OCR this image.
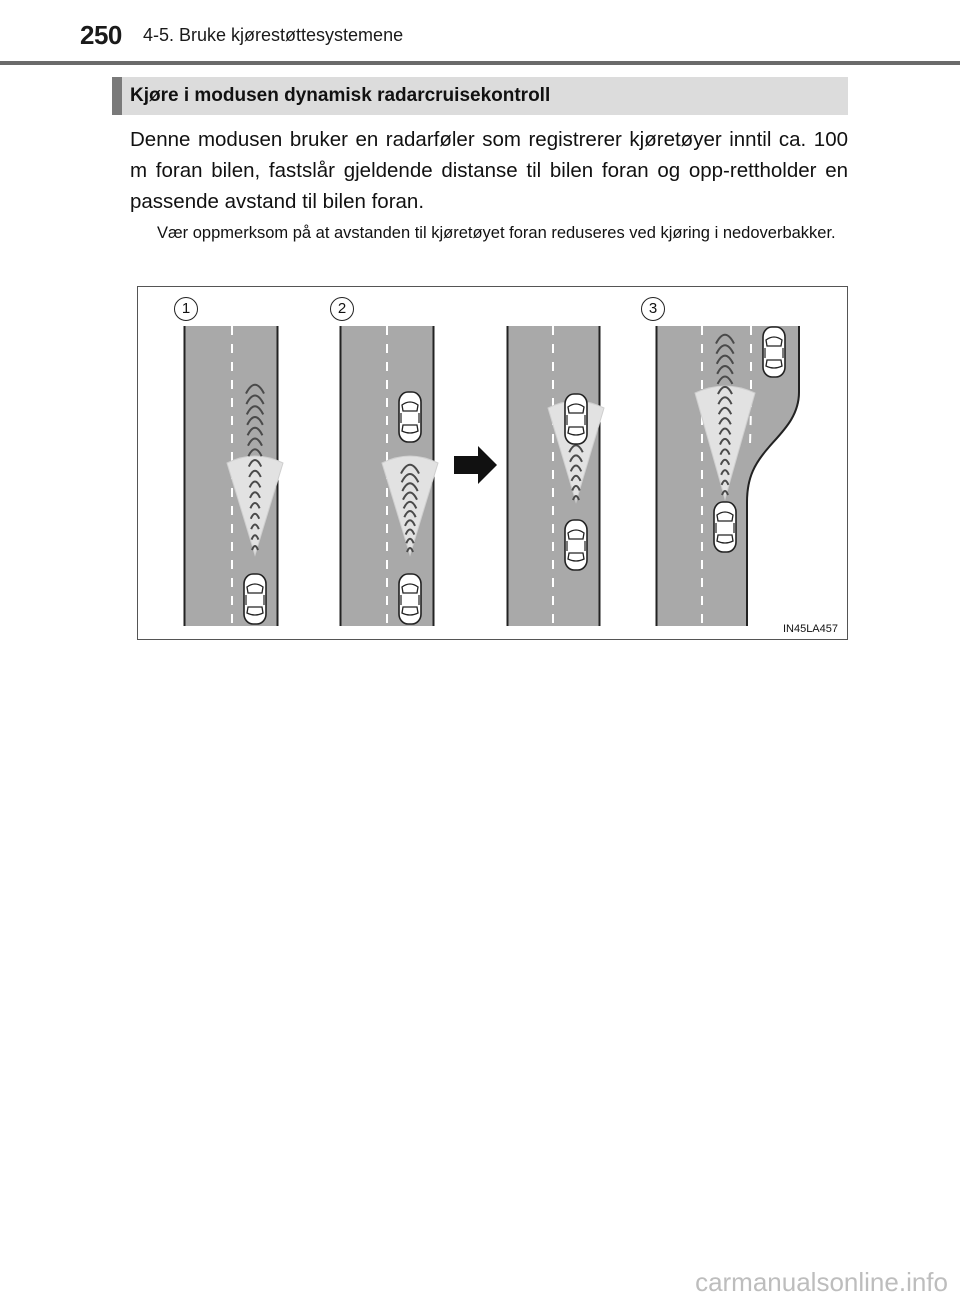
250 4-5. Bruke kjørestøttesystemene
Kjøre i modusen dynamisk radarcruisekontroll

Denne modusen bruker en radarføler som registrerer kjøretøyer inntil ca. 100 m foran bilen, fastslår gjeldende distanse til bilen foran og opp-rettholder en passende avstand til bilen foran.

Vær oppmerksom på at avstanden til kjøretøyet foran reduseres ved kjøring i nedoverbakker.

1	2	3
IN45LA457
carmanualsonline.info
